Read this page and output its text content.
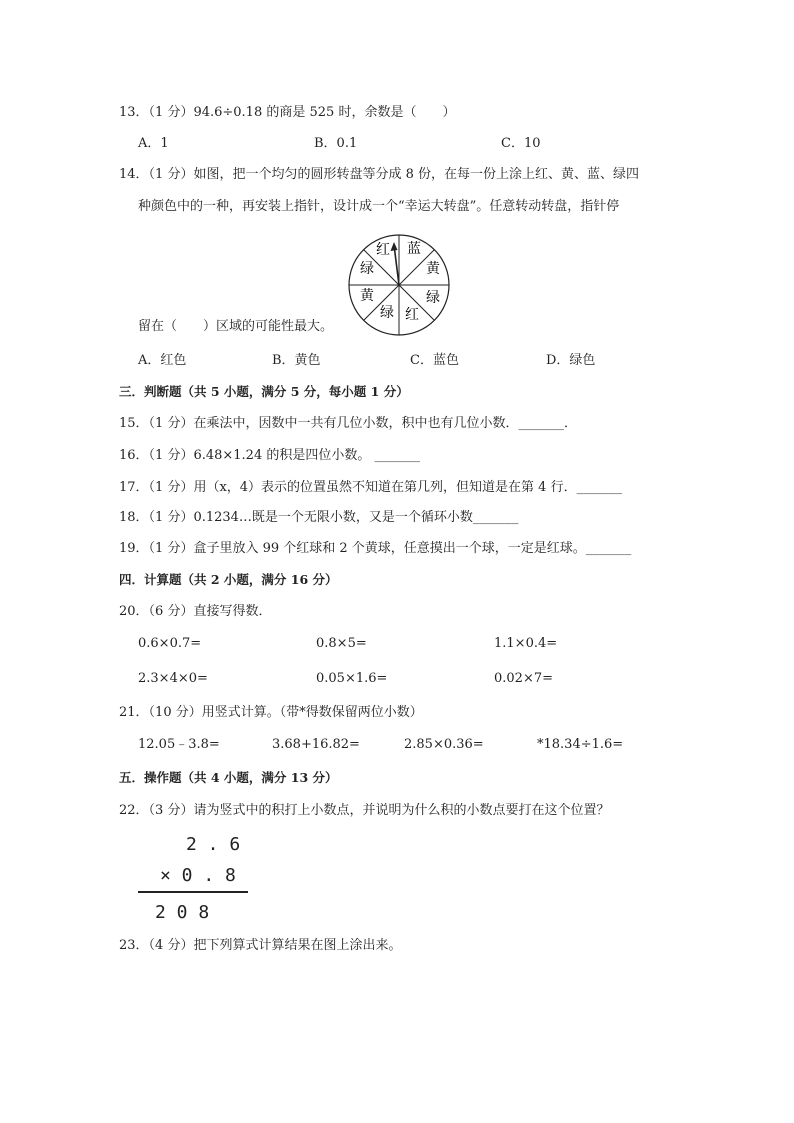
13．（1 分）94.6÷0.18 的商是 525 时，余数是（　　）
A．1	B．0.1	C．10
14．（1 分）如图，把一个均匀的圆形转盘等分成 8 份，在每一份上涂上红、黄、蓝、绿四
种颜色中的一种，再安装上指针，设计成一个“幸运大转盘”。任意转动转盘，指针停
蓝
黄
绿
红
绿
黄
绿
红
留在（　　）区域的可能性最大。
A．红色	B．黄色	C．蓝色	D．绿色
三．判断题（共 5 小题，满分 5 分，每小题 1 分）
15．（1 分）在乘法中，因数中一共有几位小数，积中也有几位小数．_______．
16．（1 分）6.48×1.24 的积是四位小数。 _______
17．（1 分）用（x，4）表示的位置虽然不知道在第几列，但知道是在第 4 行．_______
18．（1 分）0.1234…既是一个无限小数，又是一个循环小数_______
19．（1 分）盒子里放入 99 个红球和 2 个黄球，任意摸出一个球，一定是红球。_______
四．计算题（共 2 小题，满分 16 分）
20．（6 分）直接写得数．
0.6×0.7=	0.8×5=	1.1×0.4=
2.3×4×0=	0.05×1.6=	0.02×7=
21．（10 分）用竖式计算。（带*得数保留两位小数）
12.05﹣3.8=	3.68+16.82=	2.85×0.36=	*18.34÷1.6=
五．操作题（共 4 小题，满分 13 分）
22．（3 分）请为竖式中的积打上小数点，并说明为什么积的小数点要打在这个位置？
2 . 6
× 0 . 8
2 0 8
23．（4 分）把下列算式计算结果在图上涂出来。
